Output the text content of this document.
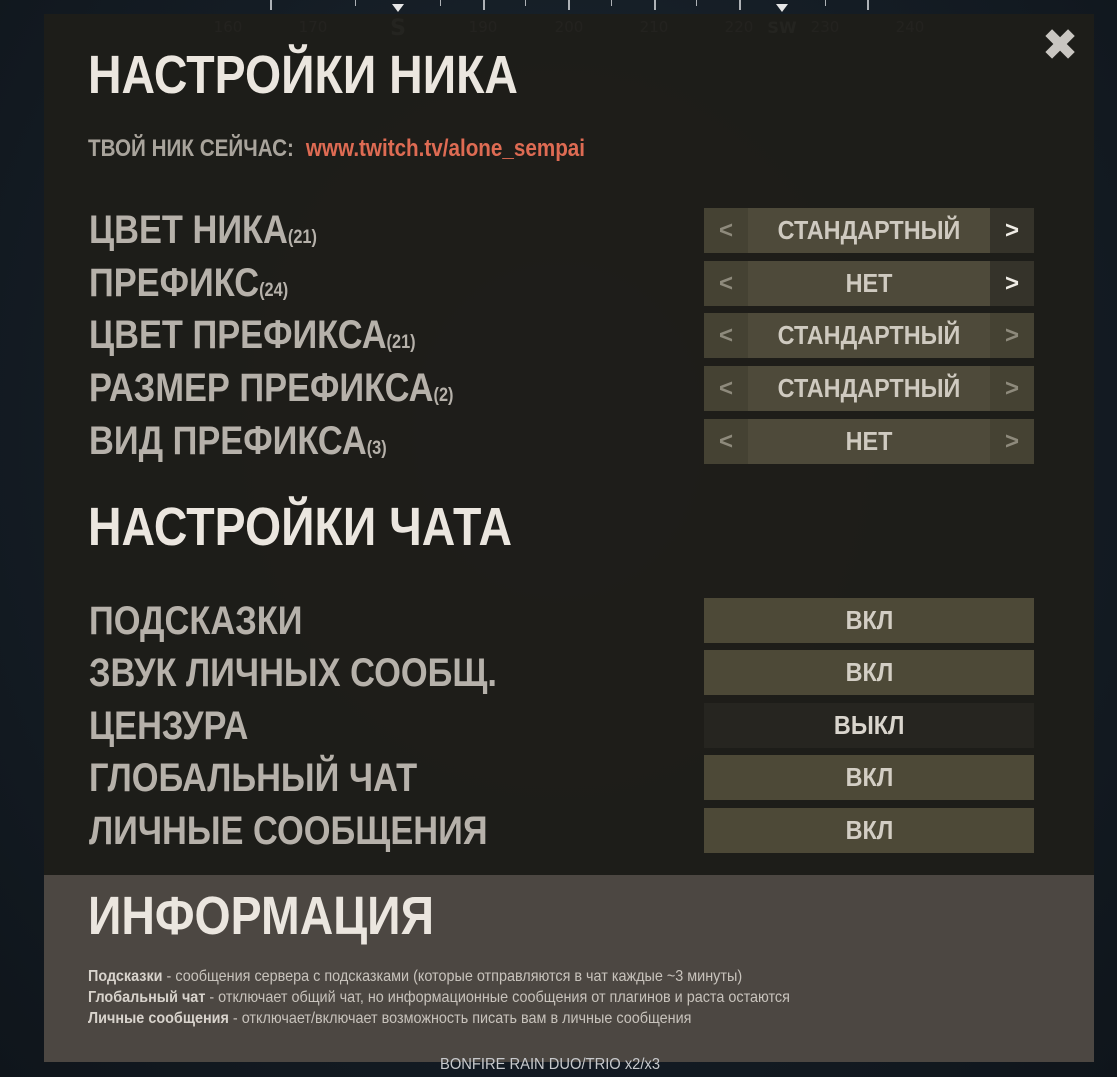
✖
НАСТРОЙКИ НИКА
ТВОЙ НИК СЕЙЧАС: www.twitch.tv/alone_sempai
ЦВЕТ НИКА(21)	<	СТАНДАРТНЫЙ	>
ПРЕФИКС(24)	<	НЕТ	>
ЦВЕТ ПРЕФИКСА(21)	<	СТАНДАРТНЫЙ	>
РАЗМЕР ПРЕФИКСА(2)	<	СТАНДАРТНЫЙ	>
ВИД ПРЕФИКСА(3)	<	НЕТ	>
НАСТРОЙКИ ЧАТА
ПОДСКАЗКИ	ВКЛ
ЗВУК ЛИЧНЫХ СООБЩ.	ВКЛ
ЦЕНЗУРА	ВЫКЛ
ГЛОБАЛЬНЫЙ ЧАТ	ВКЛ
ЛИЧНЫЕ СООБЩЕНИЯ	ВКЛ
ИНФОРМАЦИЯ
Подсказки - сообщения сервера с подсказками (которые отправляются в чат каждые ~3 минуты)
Глобальный чат - отключает общий чат, но информационные сообщения от плагинов и раста остаются
Личные сообщения - отключает/включает возможность писать вам в личные сообщения
BONFIRE RAIN DUO/TRIO x2/x3
